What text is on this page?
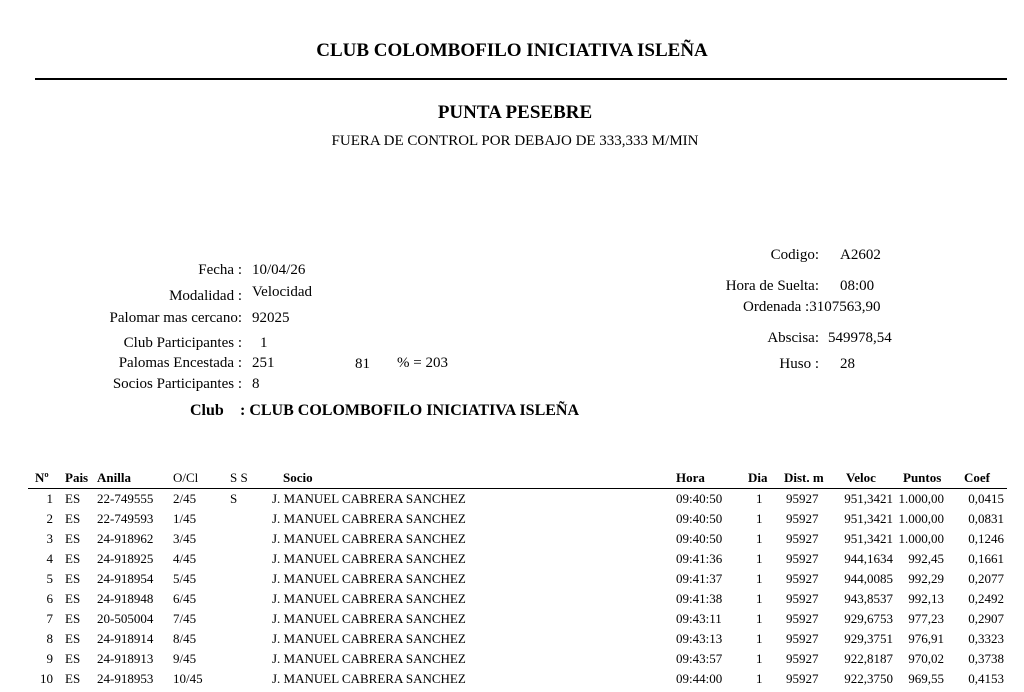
CLUB COLOMBOFILO INICIATIVA ISLEÑA
PUNTA PESEBRE
FUERA DE CONTROL POR DEBAJO DE 333,333 M/MIN
Fecha : 10/04/26
Modalidad : Velocidad
Palomar mas cercano: 92025
Club Participantes : 1
Palomas Encestada : 251	81 % = 203
Socios Participantes : 8
Codigo: A2602
Hora de Suelta: 08:00
Ordenada :3107563,90
Abscisa: 549978,54
Huso : 28
Club : CLUB COLOMBOFILO INICIATIVA ISLEÑA
Nº Pais Anilla	O/Cl S S	Socio	Hora	Dia Dist. m Veloc Puntos Coef
1 ES 22-749555 2/45	S	J. MANUEL CABRERA SANCHEZ	09:40:50	1 95927 951,3421 1.000,00 0,0415
2 ES 22-749593 1/45	J. MANUEL CABRERA SANCHEZ	09:40:50	1 95927 951,3421 1.000,00 0,0831
3 ES 24-918962 3/45	J. MANUEL CABRERA SANCHEZ	09:40:50	1 95927 951,3421 1.000,00 0,1246
4 ES 24-918925 4/45	J. MANUEL CABRERA SANCHEZ	09:41:36	1 95927 944,1634 992,45 0,1661
5 ES 24-918954 5/45	J. MANUEL CABRERA SANCHEZ	09:41:37	1 95927 944,0085 992,29 0,2077
6 ES 24-918948 6/45	J. MANUEL CABRERA SANCHEZ	09:41:38	1 95927 943,8537 992,13 0,2492
7 ES 20-505004 7/45	J. MANUEL CABRERA SANCHEZ	09:43:11	1 95927 929,6753 977,23 0,2907
8 ES 24-918914 8/45	J. MANUEL CABRERA SANCHEZ	09:43:13	1 95927 929,3751 976,91 0,3323
9 ES 24-918913 9/45	J. MANUEL CABRERA SANCHEZ	09:43:57	1 95927 922,8187 970,02 0,3738
10 ES 24-918953 10/45	J. MANUEL CABRERA SANCHEZ	09:44:00	1 95927 922,3750 969,55 0,4153
